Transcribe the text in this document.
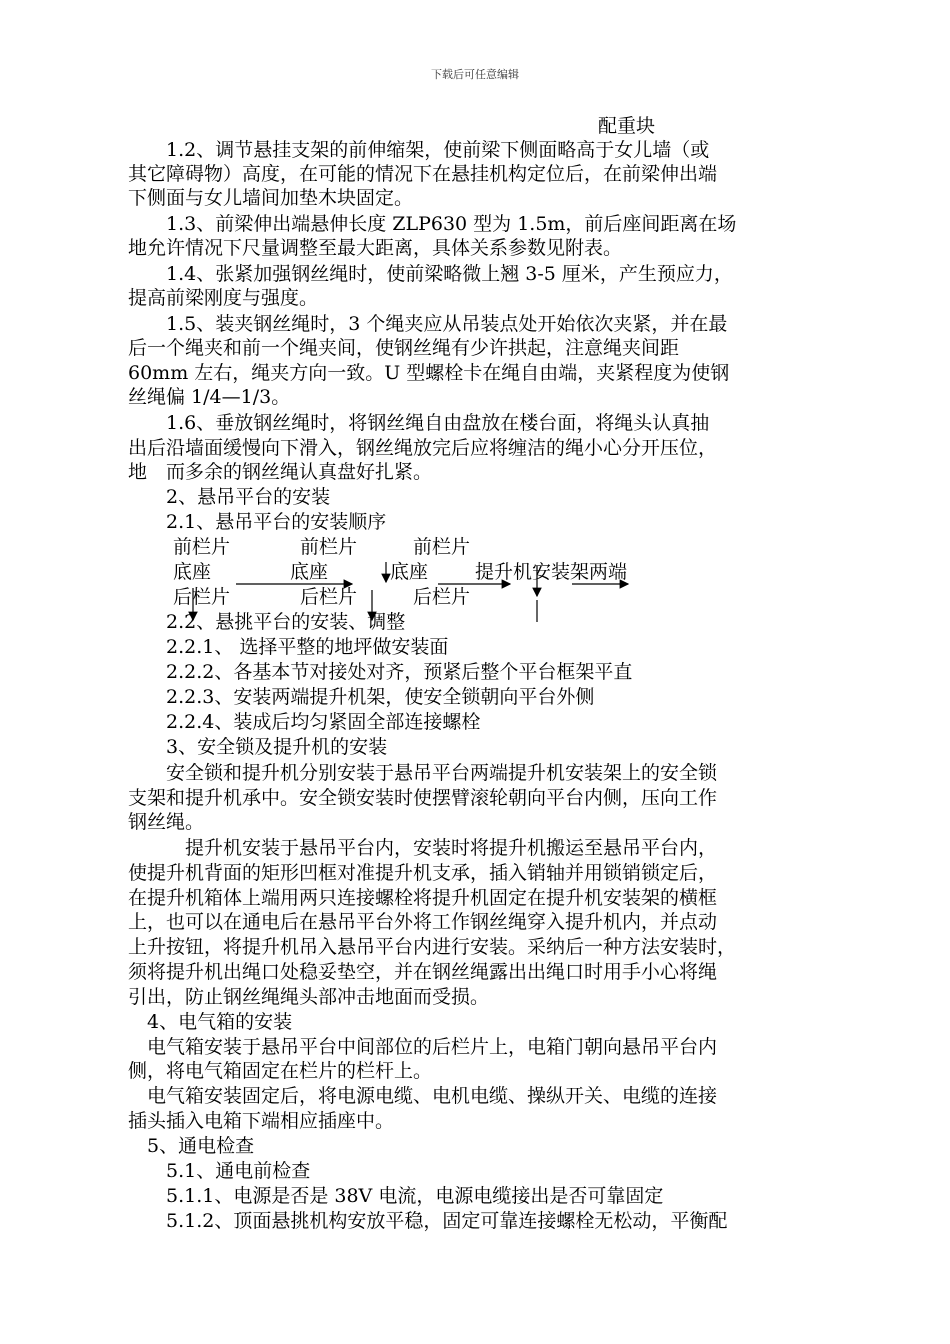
下载后可任意编辑
配重块
　　1.2、调节悬挂支架的前伸缩架，使前梁下侧面略高于女儿墙（或
其它障碍物）高度，在可能的情况下在悬挂机构定位后，在前梁伸出端
下侧面与女儿墙间加垫木块固定。
　　1.3、前梁伸出端悬伸长度 ZLP630 型为 1.5m，前后座间距离在场
地允许情况下尺量调整至最大距离，具体关系参数见附表。
　　1.4、张紧加强钢丝绳时，使前梁略微上翘 3-5 厘米，产生预应力，
提高前梁刚度与强度。
　　1.5、装夹钢丝绳时，3 个绳夹应从吊装点处开始依次夹紧，并在最
后一个绳夹和前一个绳夹间，使钢丝绳有少许拱起，注意绳夹间距
60mm 左右，绳夹方向一致。U 型螺栓卡在绳自由端，夹紧程度为使钢
丝绳偏 1/4—1/3。
　　1.6、垂放钢丝绳时，将钢丝绳自由盘放在楼台面，将绳头认真抽
出后沿墙面缓慢向下滑入，钢丝绳放完后应将缠洁的绳小心分开压位，
地　而多余的钢丝绳认真盘好扎紧。
　　2、悬吊平台的安装
　　2.1、悬吊平台的安装顺序
前栏片	前栏片	前栏片
底座	底座	底座 提升机安装架两端
后栏片	后栏片	后栏片
　　2.2、悬挑平台的安装、调整
　　2.2.1、 选择平整的地坪做安装面
　　2.2.2、各基本节对接处对齐，预紧后整个平台框架平直
　　2.2.3、安装两端提升机架，使安全锁朝向平台外侧
　　2.2.4、装成后均匀紧固全部连接螺栓
　　3、安全锁及提升机的安装
　　安全锁和提升机分别安装于悬吊平台两端提升机安装架上的安全锁
支架和提升机承中。安全锁安装时使摆臂滚轮朝向平台内侧，压向工作
钢丝绳。
　　　提升机安装于悬吊平台内，安装时将提升机搬运至悬吊平台内，
使提升机背面的矩形凹框对准提升机支承，插入销轴并用锁销锁定后，
在提升机箱体上端用两只连接螺栓将提升机固定在提升机安装架的横框
上，也可以在通电后在悬吊平台外将工作钢丝绳穿入提升机内，并点动
上升按钮，将提升机吊入悬吊平台内进行安装。采纳后一种方法安装时，
须将提升机出绳口处稳妥垫空，并在钢丝绳露出出绳口时用手小心将绳
引出，防止钢丝绳绳头部冲击地面而受损。
　4、电气箱的安装
　电气箱安装于悬吊平台中间部位的后栏片上，电箱门朝向悬吊平台内
侧，将电气箱固定在栏片的栏杆上。
　电气箱安装固定后，将电源电缆、电机电缆、操纵开关、电缆的连接
插头插入电箱下端相应插座中。
　5、通电检查
　　5.1、通电前检查
　　5.1.1、电源是否是 38V 电流，电源电缆接出是否可靠固定
　　5.1.2、顶面悬挑机构安放平稳，固定可靠连接螺栓无松动，平衡配
